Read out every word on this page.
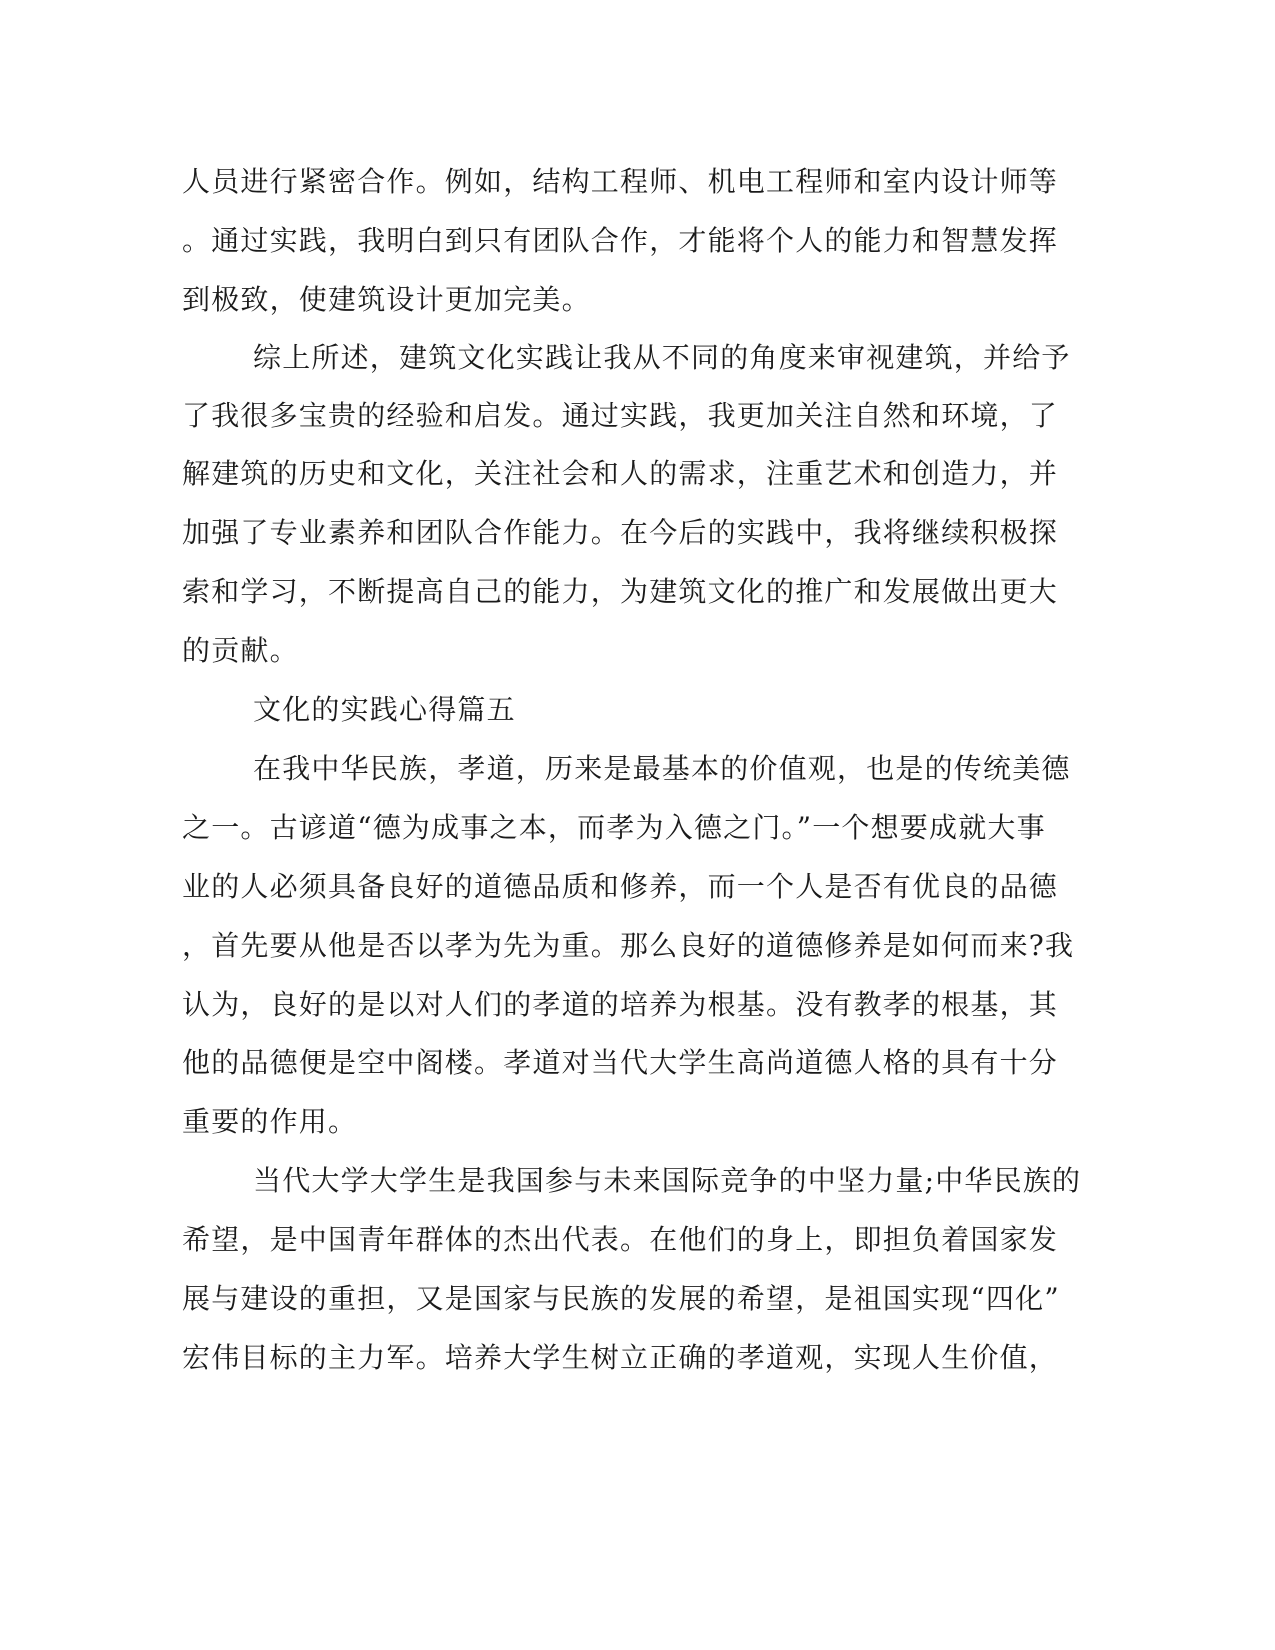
人员进行紧密合作。例如，结构工程师、机电工程师和室内设计师等
。通过实践，我明白到只有团队合作，才能将个人的能力和智慧发挥
到极致，使建筑设计更加完美。
综上所述，建筑文化实践让我从不同的角度来审视建筑，并给予
了我很多宝贵的经验和启发。通过实践，我更加关注自然和环境，了
解建筑的历史和文化，关注社会和人的需求，注重艺术和创造力，并
加强了专业素养和团队合作能力。在今后的实践中，我将继续积极探
索和学习，不断提高自己的能力，为建筑文化的推广和发展做出更大
的贡献。
文化的实践心得篇五
在我中华民族，孝道，历来是最基本的价值观，也是的传统美德
之一。古谚道“德为成事之本，而孝为入德之门。”一个想要成就大事
业的人必须具备良好的道德品质和修养，而一个人是否有优良的品德
，首先要从他是否以孝为先为重。那么良好的道德修养是如何而来?我
认为，良好的是以对人们的孝道的培养为根基。没有教孝的根基，其
他的品德便是空中阁楼。孝道对当代大学生高尚道德人格的具有十分
重要的作用。
当代大学大学生是我国参与未来国际竞争的中坚力量;中华民族的
希望，是中国青年群体的杰出代表。在他们的身上，即担负着国家发
展与建设的重担，又是国家与民族的发展的希望，是祖国实现“四化”
宏伟目标的主力军。培养大学生树立正确的孝道观，实现人生价值，
